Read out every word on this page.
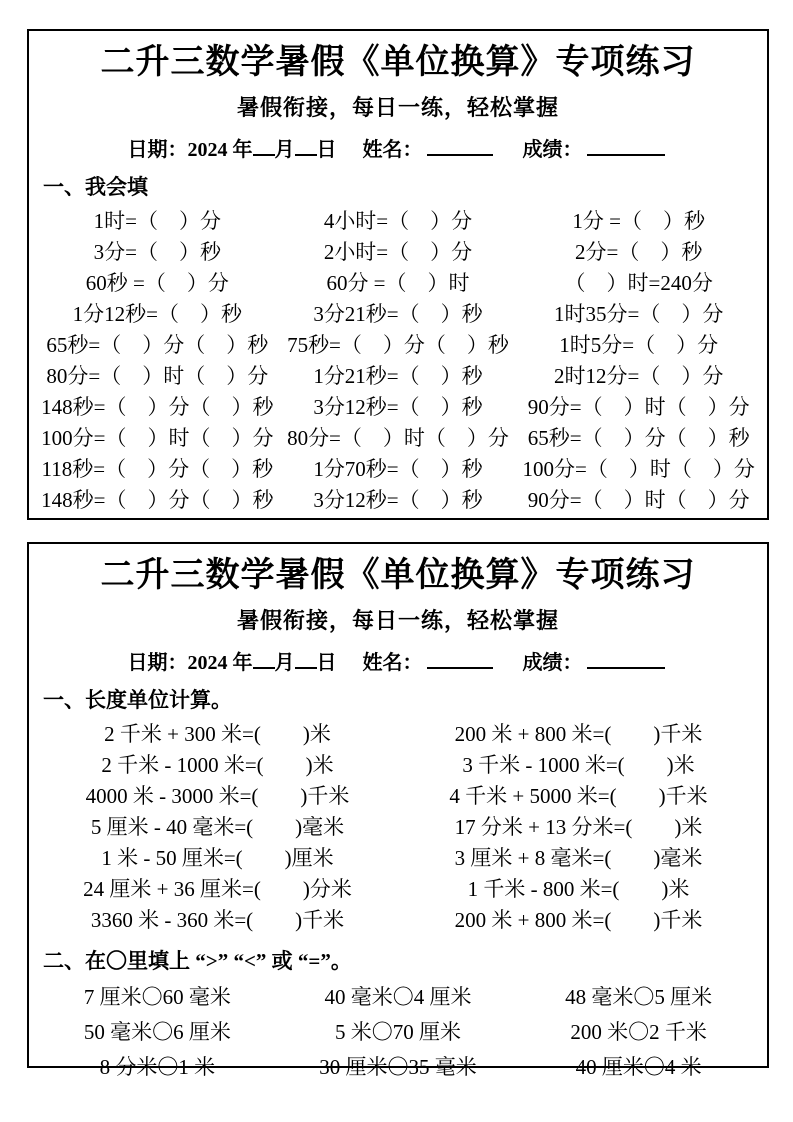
二升三数学暑假《单位换算》专项练习
暑假衔接，每日一练，轻松掌握
日期：2024 年 月 日 姓名：	成绩：
一、我会填
1时=（　）分	4小时=（　）分	1分 =（　）秒
3分=（　）秒	2小时=（　）分	2分=（　）秒
60秒 =（　）分	60分 =（　）时	（　）时=240分
1分12秒=（　）秒	3分21秒=（　）秒	1时35分=（　）分
65秒=（　）分（　）秒 75秒=（　）分（　）秒	1时5分=（　）分
80分=（　）时（　）分	1分21秒=（　）秒	2时12分=（　）分
148秒=（　）分（　）秒	3分12秒=（　）秒	90分=（　）时（　）分
100分=（　）时（　）分 80分=（　）时（　）分 65秒=（　）分（　）秒
118秒=（　）分（　）秒	1分70秒=（　）秒	100分=（　）时（　）分
148秒=（　）分（　）秒	3分12秒=（　）秒	90分=（　）时（　）分
二升三数学暑假《单位换算》专项练习
暑假衔接，每日一练，轻松掌握
日期：2024 年 月 日 姓名：	成绩：
一、长度单位计算。
2 千米 + 300 米=(　　)米	200 米 + 800 米=(　　)千米
2 千米 - 1000 米=(　　)米	3 千米 - 1000 米=(　　)米
4000 米 - 3000 米=(　　)千米	4 千米 + 5000 米=(　　)千米
5 厘米 - 40 毫米=(　　)毫米	17 分米 + 13 分米=(　　)米
1 米 - 50 厘米=(　　)厘米	3 厘米 + 8 毫米=(　　)毫米
24 厘米 + 36 厘米=(　　)分米	1 千米 - 800 米=(　　)米
3360 米 - 360 米=(　　)千米	200 米 + 800 米=(　　)千米
二、在〇里填上 “>” “<” 或 “=”。
7 厘米〇60 毫米	40 毫米〇4 厘米	48 毫米〇5 厘米
50 毫米〇6 厘米	5 米〇70 厘米	200 米〇2 千米
8 分米〇1 米	30 厘米〇35 毫米	40 厘米〇4 米
